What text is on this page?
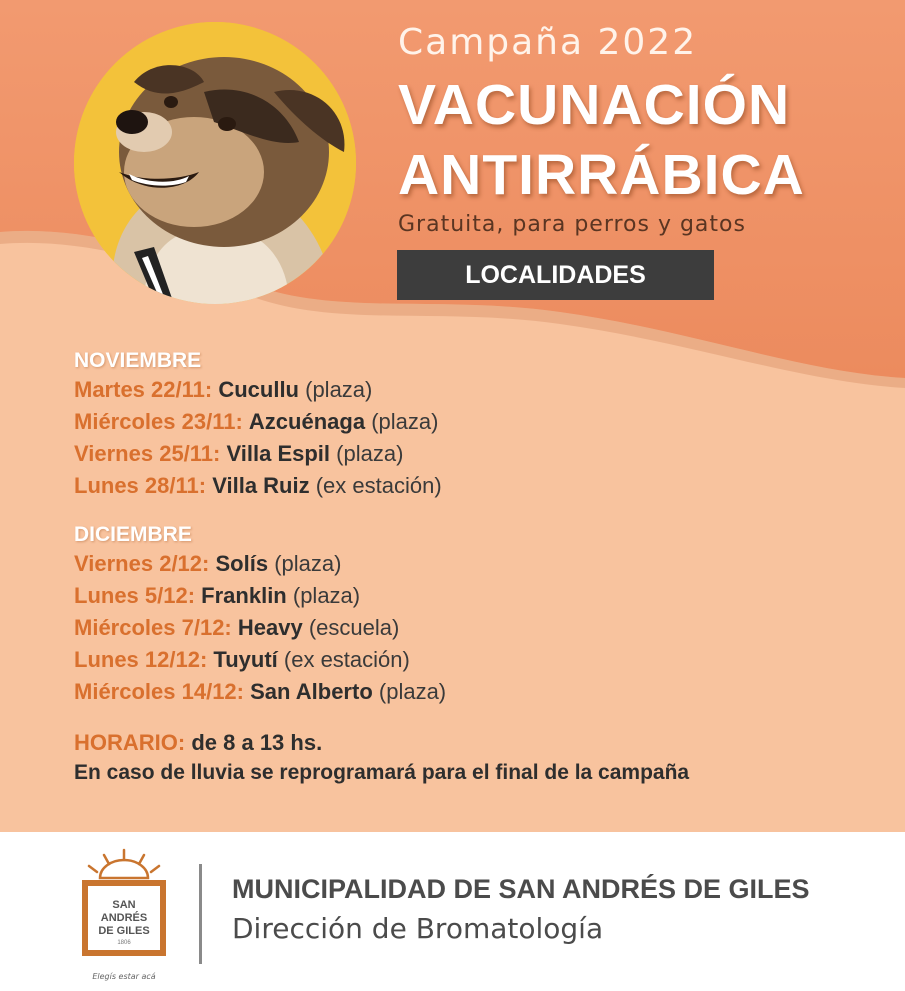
Campaña 2022
VACUNACIÓN
ANTIRRÁBICA
Gratuita, para perros y gatos
LOCALIDADES
NOVIEMBRE
Martes 22/11: Cucullu (plaza)
Miércoles 23/11: Azcuénaga (plaza)
Viernes 25/11: Villa Espil (plaza)
Lunes 28/11: Villa Ruiz (ex estación)
DICIEMBRE
Viernes 2/12: Solís (plaza)
Lunes 5/12: Franklin (plaza)
Miércoles 7/12: Heavy (escuela)
Lunes 12/12: Tuyutí (ex estación)
Miércoles 14/12: San Alberto (plaza)
HORARIO: de 8 a 13 hs.
En caso de lluvia se reprogramará para el final de la campaña
SAN
ANDRÉS
DE GILES
1806
Elegís estar acá
MUNICIPALIDAD DE SAN ANDRÉS DE GILES
Dirección de Bromatología
